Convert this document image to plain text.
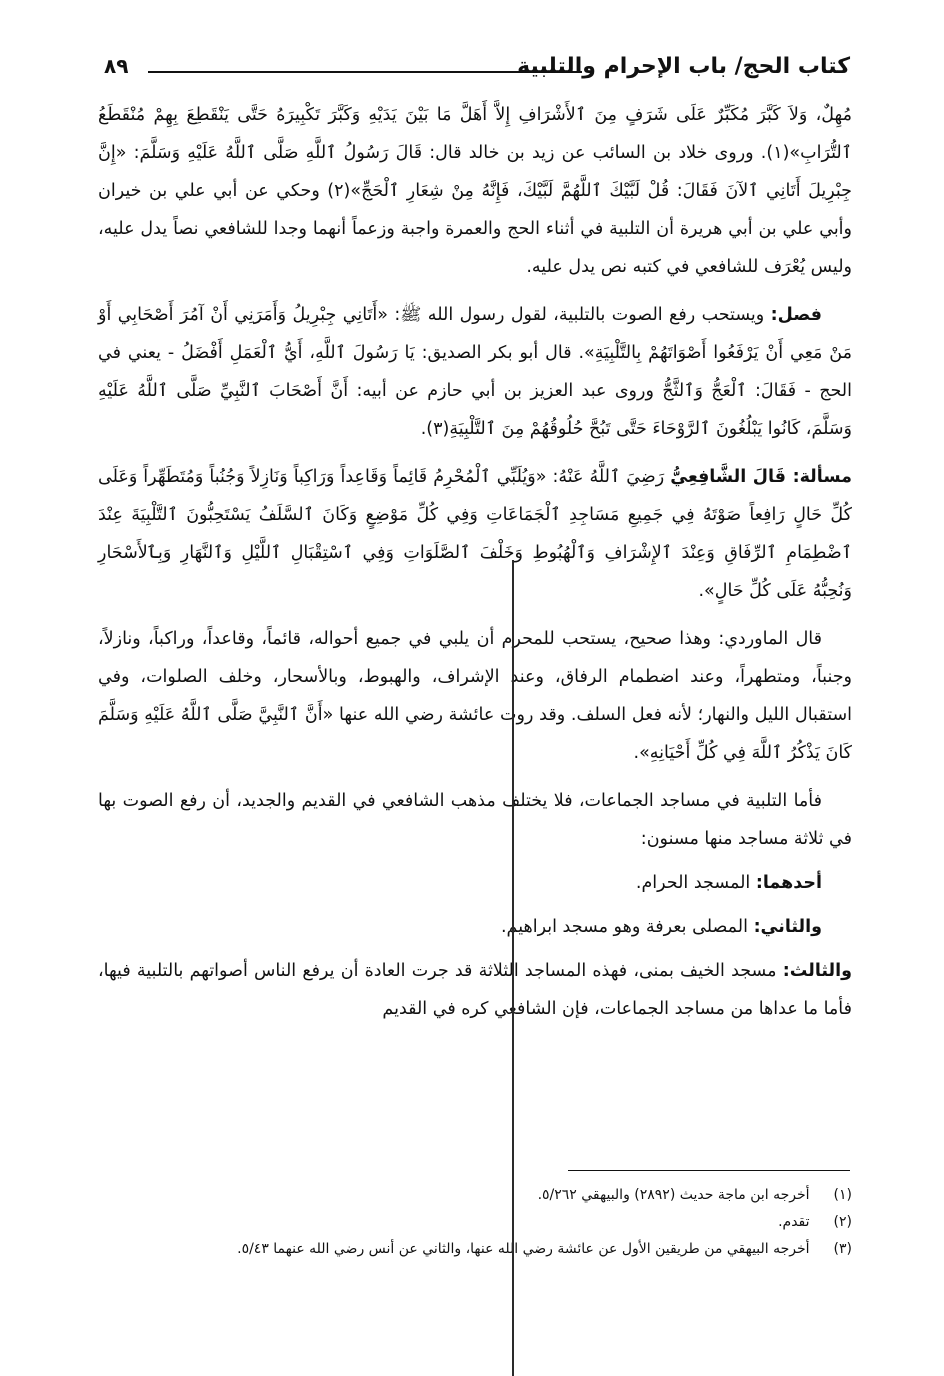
٨٩	كتاب الحج/ باب الإحرام والتلبية

مُهِلٌ، وَلاَ كَبَّرَ مُكَبِّرٌ عَلَى شَرَفٍ مِنَ ٱلأَشْرَافِ إِلاَّ أَهَلَّ مَا بَيْنَ يَدَيْهِ وَكَبَّرَ تَكْبِيرَهُ حَتَّى يَنْقَطِعَ بِهِمْ مُنْقَطَعُ ٱلتُّرَابِ»(١). وروى خلاد بن السائب عن زيد بن خالد قال: قَالَ رَسُولُ ٱللَّهِ صَلَّى ٱللَّهُ عَلَيْهِ وَسَلَّمَ: «إِنَّ جِبْرِيلَ أَتَانِي ٱلآنَ فَقَالَ: قُلْ لَبَّيْكَ ٱللَّهُمَّ لَبَّيْكَ، فَإِنَّهُ مِنْ شِعَارِ ٱلْحَجِّ»(٢) وحكي عن أبي علي بن خيران وأبي علي بن أبي هريرة أن التلبية في أثناء الحج والعمرة واجبة وزعماً أنهما وجدا للشافعي نصاً يدل عليه، وليس يُعْرَف للشافعي في كتبه نص يدل عليه.

فصل: ويستحب رفع الصوت بالتلبية، لقول رسول الله ﷺ: «أَتَانِي جِبْرِيلُ وَأَمَرَنِي أَنْ آمُرَ أَصْحَابِي أَوْ مَنْ مَعِي أَنْ يَرْفَعُوا أَصْوَاتَهُمْ بِالتَّلْبِيَةِ». قال أبو بكر الصديق: يَا رَسُولَ ٱللَّهِ، أَيُّ ٱلْعَمَلِ أَفْضَلُ - يعني في الحج - فَقَالَ: ٱلْعَجُّ وَٱلثَّجُّ وروى عبد العزيز بن أبي حازم عن أبيه: أَنَّ أَصْحَابَ ٱلنَّبِيِّ صَلَّى ٱللَّهُ عَلَيْهِ وَسَلَّمَ، كَانُوا يَبْلُغُونَ ٱلرَّوْحَاءَ حَتَّى تَبُحَّ حُلُوقُهُمْ مِنَ ٱلتَّلْبِيَةِ(٣).

مسألة: قَالَ الشَّافِعِيُّ رَضِيَ ٱللَّهُ عَنْهُ: «وَيُلَبِّي ٱلْمُحْرِمُ قَائِماً وَقَاعِداً وَرَاكِباً وَنَازِلاً وَجُنُباً وَمُتَطَهِّراً وَعَلَى كُلِّ حَالٍ رَافِعاً صَوْتَهُ فِي جَمِيعِ مَسَاجِدِ ٱلْجَمَاعَاتِ وَفِي كُلِّ مَوْضِعٍ وَكَانَ ٱلسَّلَفُ يَسْتَحِبُّونَ ٱلتَّلْبِيَةَ عِنْدَ ٱضْطِمَامِ ٱلرِّفَاقِ وَعِنْدَ ٱلإِشْرَافِ وَٱلْهُبُوطِ وَخَلْفَ ٱلصَّلَوَاتِ وَفِي ٱسْتِقْبَالِ ٱللَّيْلِ وَٱلنَّهَارِ وَبِٱلأَسْحَارِ وَنُحِبُّهُ عَلَى كُلِّ حَالٍ».

قال الماوردي: وهذا صحيح، يستحب للمحرم أن يلبي في جميع أحواله، قائماً، وقاعداً، وراكباً، ونازلاً، وجنباً، ومتطهراً، وعند اضطمام الرفاق، وعند الإشراف، والهبوط، وبالأسحار، وخلف الصلوات، وفي استقبال الليل والنهار؛ لأنه فعل السلف. وقد روت عائشة رضي الله عنها «أَنَّ ٱلنَّبِيَّ صَلَّى ٱللَّهُ عَلَيْهِ وَسَلَّمَ كَانَ يَذْكُرُ ٱللَّهَ فِي كُلِّ أَحْيَانِهِ».

فأما التلبية في مساجد الجماعات، فلا يختلف مذهب الشافعي في القديم والجديد، أن رفع الصوت بها في ثلاثة مساجد منها مسنون:

أحدهما: المسجد الحرام.

والثاني: المصلى بعرفة وهو مسجد ابراهيم.

والثالث: مسجد الخيف بمنى، فهذه المساجد الثلاثة قد جرت العادة أن يرفع الناس أصواتهم بالتلبية فيها، فأما ما عداها من مساجد الجماعات، فإن الشافعي كره في القديم

(١) أخرجه ابن ماجة حديث (٢٨٩٢) والبيهقي ٥/٢٦٢.

(٢) تقدم.

(٣) أخرجه البيهقي من طريقين الأول عن عائشة رضي الله عنها، والثاني عن أنس رضي الله عنهما ٥/٤٣.
